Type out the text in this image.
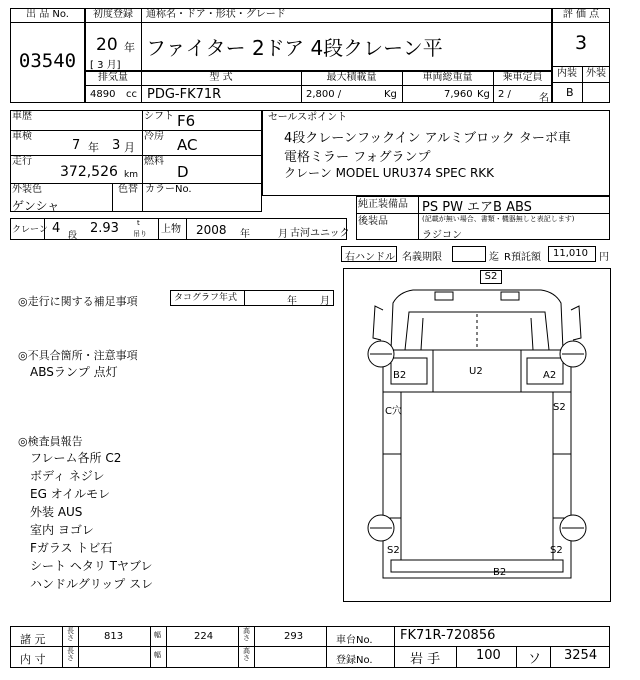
出 品 No.
03540
初度登録	通称名・ドア・形状・グレード
20 年
[ 3 月]
ファイター 2ドア 4段クレーン平
評 価 点
3
内装 外装
B
排気量	型 式	最大積載量	車両総重量	乗車定員
4890 cc PDG-FK71R	2,800 /	Kg	7,960 Kg 2 /	名
車歴
車検
7 年 3 月
走行
372,526 km
外装色
ゲンシャ
色替 カラーNo.
シフト F6
冷房 AC
燃料
D
セールスポイント
4段クレーンフックイン アルミブロック ターボ車
電格ミラー フォグランプ
クレーン MODEL URU374 SPEC RKK
純正装備品 PS PW エアB ABS
後装品	(記載が無い場合、書類・機器無しと表記します)
ラジコン
クレーン 4 段 2.93	t
吊り 上物 2008 年	月 古河ユニック
右ハンドル 名義期限	迄 R預託額 11,010 円
◎走行に関する補足事項	タコグラフ年式	年 月
◎不具合箇所・注意事項
ABSランプ 点灯
◎検査員報告
フレーム各所 C2
ボディ ネジレ
EG オイルモレ
外装 AUS
室内 ヨゴレ
Fガラス トビ石
シート ヘタリ Tヤブレ
ハンドルグリップ スレ
S2
B2	U2	A2
C穴	S2
S2	S2
B2
諸 元
長さ	813	幅	224	高さ	293	車台No. FK71R-720856
内 寸
長さ	幅	高さ	登録No.	岩 手	100 ソ 3254
